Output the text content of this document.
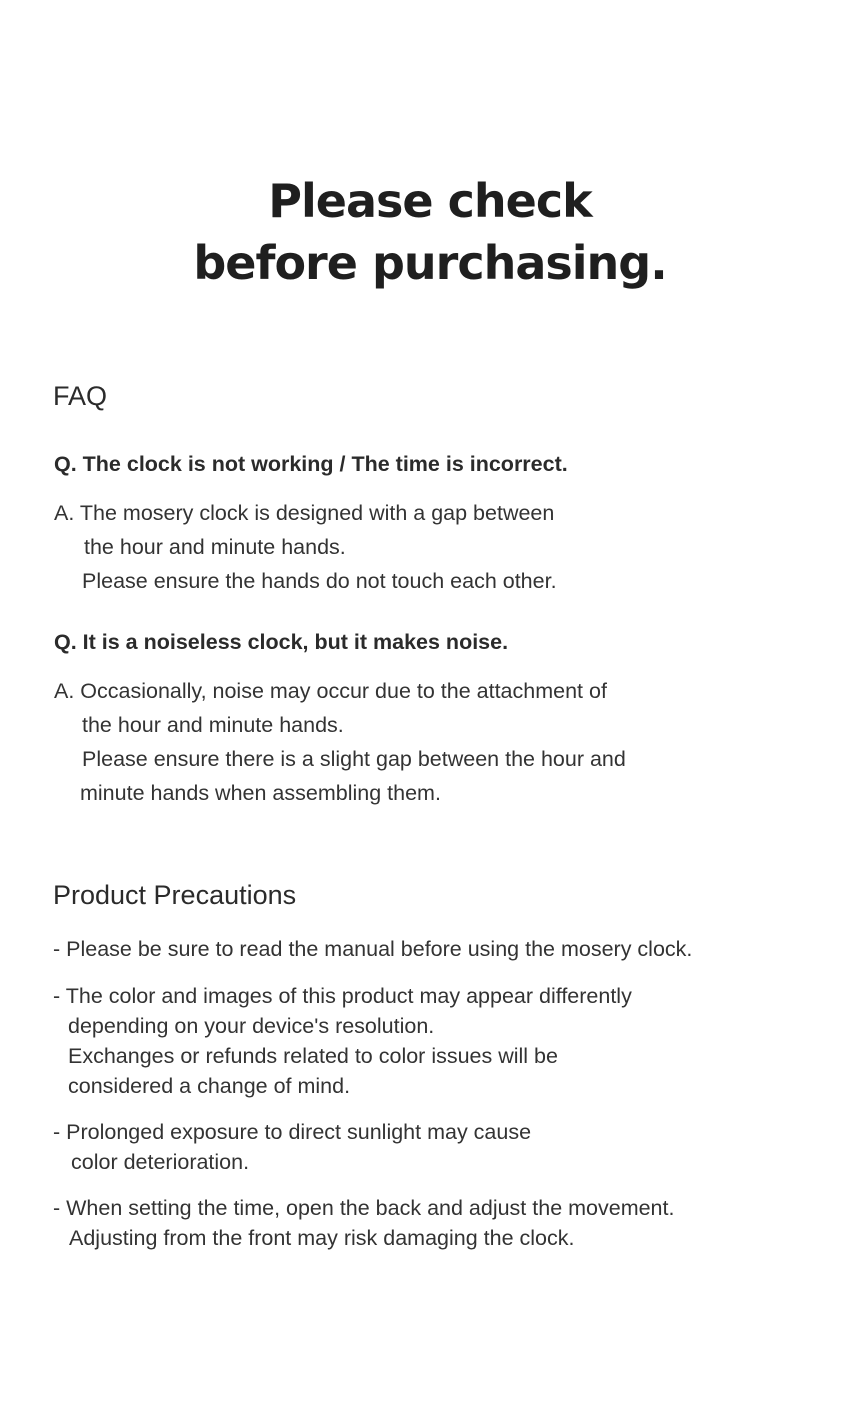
Please check
before purchasing.
FAQ
Q. The clock is not working / The time is incorrect.
A. The mosery clock is designed with a gap between
the hour and minute hands.
Please ensure the hands do not touch each other.
Q. It is a noiseless clock, but it makes noise.
A. Occasionally, noise may occur due to the attachment of
the hour and minute hands.
Please ensure there is a slight gap between the hour and
minute hands when assembling them.
Product Precautions
- Please be sure to read the manual before using the mosery clock.
- The color and images of this product may appear differently
depending on your device's resolution.
Exchanges or refunds related to color issues will be
considered a change of mind.
- Prolonged exposure to direct sunlight may cause
color deterioration.
- When setting the time, open the back and adjust the movement.
Adjusting from the front may risk damaging the clock.
